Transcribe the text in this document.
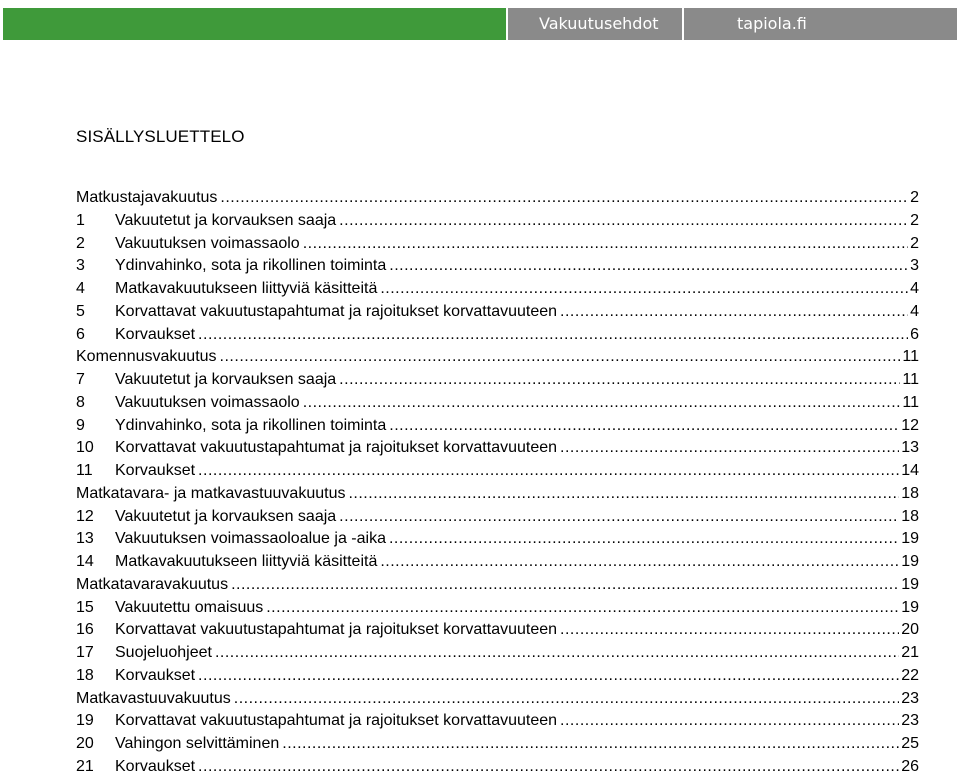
Vakuutusehdot	tapiola.fi
SISÄLLYSLUETTELO
Matkustajavakuutus .....	2
1	Vakuutetut ja korvauksen saaja .....	2
2	Vakuutuksen voimassaolo .....	2
3	Ydinvahinko, sota ja rikollinen toiminta .....	3
4	Matkavakuutukseen liittyviä käsitteitä .....	4
5	Korvattavat vakuutustapahtumat ja rajoitukset korvattavuuteen .....	4
6	Korvaukset .....	6
Komennusvakuutus .....	11
7	Vakuutetut ja korvauksen saaja .....	11
8	Vakuutuksen voimassaolo .....	11
9	Ydinvahinko, sota ja rikollinen toiminta .....	12
10	Korvattavat vakuutustapahtumat ja rajoitukset korvattavuuteen .....	13
11	Korvaukset .....	14
Matkatavara- ja matkavastuuvakuutus .....	18
12	Vakuutetut ja korvauksen saaja .....	18
13	Vakuutuksen voimassaoloalue ja -aika .....	19
14	Matkavakuutukseen liittyviä käsitteitä .....	19
Matkatavaravakuutus .....	19
15	Vakuutettu omaisuus .....	19
16	Korvattavat vakuutustapahtumat ja rajoitukset korvattavuuteen .....	20
17	Suojeluohjeet .....	21
18	Korvaukset .....	22
Matkavastuuvakuutus .....	23
19	Korvattavat vakuutustapahtumat ja rajoitukset korvattavuuteen .....	23
20	Vahingon selvittäminen .....	25
21	Korvaukset .....	26
